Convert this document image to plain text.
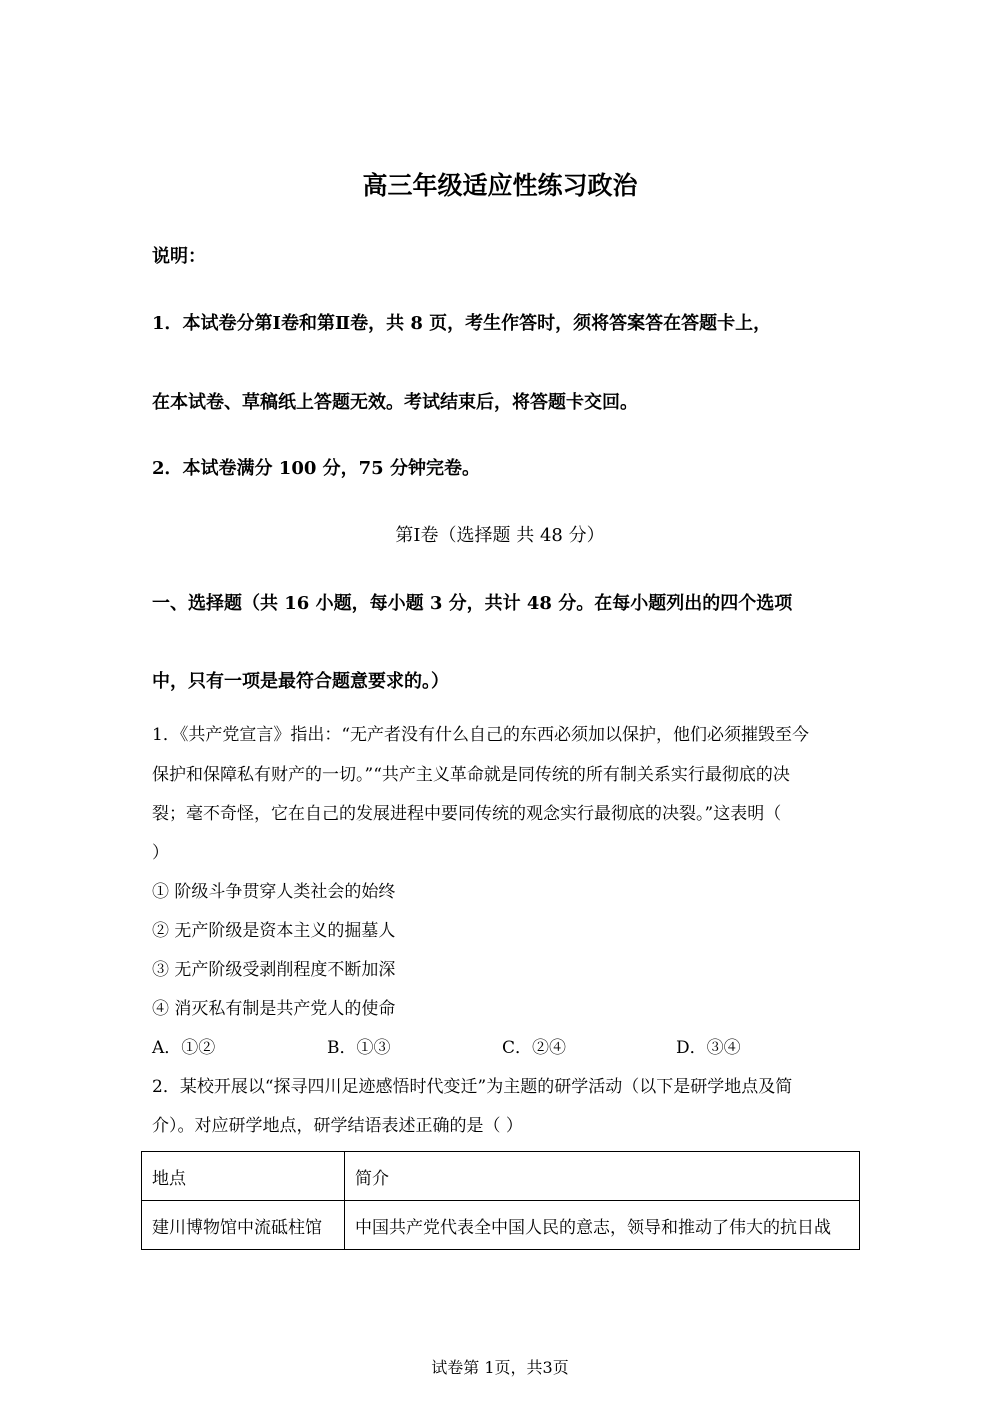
高三年级适应性练习政治
说明：
1．本试卷分第Ⅰ卷和第Ⅱ卷，共 8 页，考生作答时，须将答案答在答题卡上，
在本试卷、草稿纸上答题无效。考试结束后，将答题卡交回。
2．本试卷满分 100 分，75 分钟完卷。
第Ⅰ卷（选择题 共 48 分）
一、选择题（共 16 小题，每小题 3 分，共计 48 分。在每小题列出的四个选项
中，只有一项是最符合题意要求的。）
1．《共产党宣言》指出：“无产者没有什么自己的东西必须加以保护，他们必须摧毁至今
保护和保障私有财产的一切。”“共产主义革命就是同传统的所有制关系实行最彻底的决
裂；毫不奇怪，它在自己的发展进程中要同传统的观念实行最彻底的决裂。”这表明（
）
① 阶级斗争贯穿人类社会的始终
② 无产阶级是资本主义的掘墓人
③ 无产阶级受剥削程度不断加深
④ 消灭私有制是共产党人的使命
A．①②	B．①③	C．②④	D．③④
2．某校开展以“探寻四川足迹感悟时代变迁”为主题的研学活动（以下是研学地点及简
介）。对应研学地点，研学结语表述正确的是（ ）
地点	简介
建川博物馆中流砥柱馆	中国共产党代表全中国人民的意志，领导和推动了伟大的抗日战
试卷第 1页，共3页
